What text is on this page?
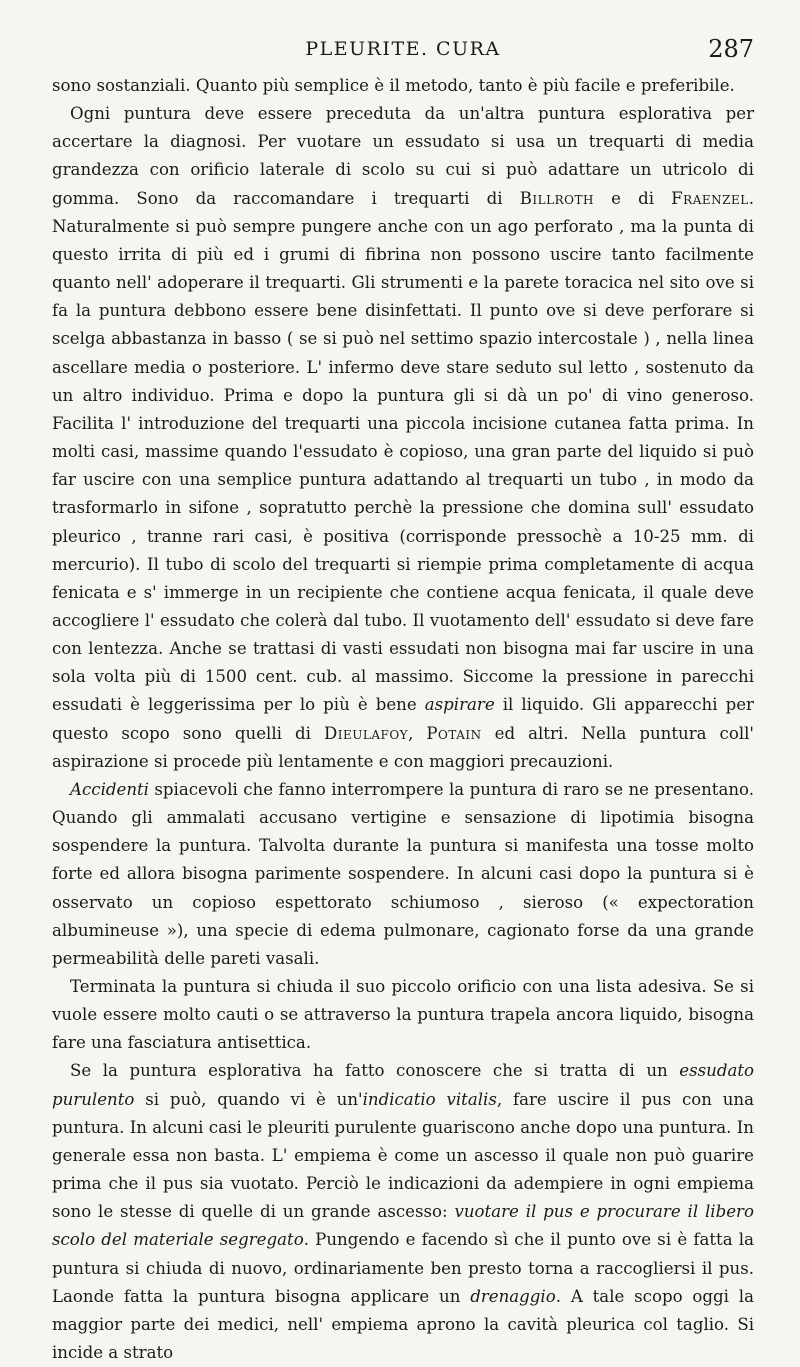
PLEURITE. CURA	287

sono sostanziali. Quanto più semplice è il metodo, tanto è più facile e preferibile.

Ogni puntura deve essere preceduta da un'altra puntura esplorativa per accertare la diagnosi. Per vuotare un essudato si usa un trequarti di media grandezza con orificio laterale di scolo su cui si può adattare un utricolo di gomma. Sono da raccomandare i trequarti di Billroth e di Fraenzel. Naturalmente si può sempre pungere anche con un ago perforato , ma la punta di questo irrita di più ed i grumi di fibrina non possono uscire tanto facilmente quanto nell' adoperare il trequarti. Gli strumenti e la parete toracica nel sito ove si fa la puntura debbono essere bene disinfettati. Il punto ove si deve perforare si scelga abbastanza in basso ( se si può nel settimo spazio intercostale ) , nella linea ascellare media o posteriore. L' infermo deve stare seduto sul letto , sostenuto da un altro individuo. Prima e dopo la puntura gli si dà un po' di vino generoso. Facilita l' introduzione del trequarti una piccola incisione cutanea fatta prima. In molti casi, massime quando l'essudato è copioso, una gran parte del liquido si può far uscire con una semplice puntura adattando al trequarti un tubo , in modo da trasformarlo in sifone , sopratutto perchè la pressione che domina sull' essudato pleurico , tranne rari casi, è positiva (corrisponde pressochè a 10-25 mm. di mercurio). Il tubo di scolo del trequarti si riempie prima completamente di acqua fenicata e s' immerge in un recipiente che contiene acqua fenicata, il quale deve accogliere l' essudato che colerà dal tubo. Il vuotamento dell' essudato si deve fare con lentezza. Anche se trattasi di vasti essudati non bisogna mai far uscire in una sola volta più di 1500 cent. cub. al massimo. Siccome la pressione in parecchi essudati è leggerissima per lo più è bene aspirare il liquido. Gli apparecchi per questo scopo sono quelli di Dieulafoy, Potain ed altri. Nella puntura coll' aspirazione si procede più lentamente e con maggiori precauzioni.

Accidenti spiacevoli che fanno interrompere la puntura di raro se ne presentano. Quando gli ammalati accusano vertigine e sensazione di lipotimia bisogna sospendere la puntura. Talvolta durante la puntura si manifesta una tosse molto forte ed allora bisogna parimente sospendere. In alcuni casi dopo la puntura si è osservato un copioso espettorato schiumoso , sieroso (« expectoration albumineuse »), una specie di edema pulmonare, cagionato forse da una grande permeabilità delle pareti vasali.

Terminata la puntura si chiuda il suo piccolo orificio con una lista adesiva. Se si vuole essere molto cauti o se attraverso la puntura trapela ancora liquido, bisogna fare una fasciatura antisettica.

Se la puntura esplorativa ha fatto conoscere che si tratta di un essudato purulento si può, quando vi è un'indicatio vitalis, fare uscire il pus con una puntura. In alcuni casi le pleuriti purulente guariscono anche dopo una puntura. In generale essa non basta. L' empiema è come un ascesso il quale non può guarire prima che il pus sia vuotato. Perciò le indicazioni da adempiere in ogni empiema sono le stesse di quelle di un grande ascesso: vuotare il pus e procurare il libero scolo del materiale segregato. Pungendo e facendo sì che il punto ove si è fatta la puntura si chiuda di nuovo, ordinariamente ben presto torna a raccogliersi il pus. Laonde fatta la puntura bisogna applicare un drenaggio. A tale scopo oggi la maggior parte dei medici, nell' empiema aprono la cavità pleurica col taglio. Si incide a strato
